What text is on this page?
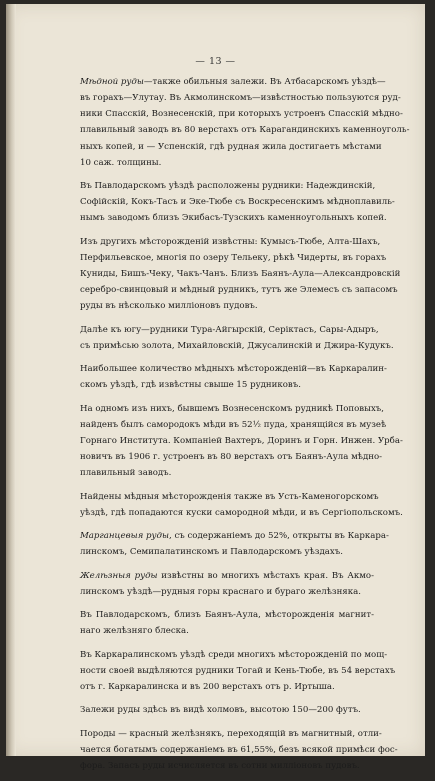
— 13 —

Мѣдной руды—также обильныя залежи. Въ Атбасарскомъ уѣздѣ—
въ горахъ—Улутау. Въ Акмолинскомъ—извѣстностью пользуются руд-
ники Спасскій, Вознесенскій, при которыхъ устроенъ Спасскій мѣдно-
плавильный заводъ въ 80 верстахъ отъ Карагандинскихъ каменноуголь-
ныхъ копей, и — Успенскій, гдѣ рудная жила достигаетъ мѣстами
10 саж. толщины.

Въ Павлодарскомъ уѣздѣ расположены рудники: Надеждинскій,
Софійскій, Кокъ-Тасъ и Экe-Тюбе съ Воскресенскимъ мѣдноплавиль-
нымъ заводомъ близъ Экибасъ-Тузскихъ каменноугольныхъ копей.

Изъ другихъ мѣсторожденій извѣстны: Кумысъ-Тюбе, Алта-Шахъ,
Перфильевское, многія по озеру Тельеку, рѣкѣ Чидерты, въ горахъ
Куниды, Бишъ-Чеку, Чакъ-Чанъ. Близъ Баянъ-Аула—Александровскій
серебро-свинцовый и мѣдный рудникъ, тутъ же Элемесъ съ запасомъ
руды въ нѣсколько милліоновъ пудовъ.

Далѣе къ югу—рудники Тура-Айгырскій, Серiктасъ, Сары-Адыръ,
съ примѣсью золота, Михайловскій, Джусалинскій и Джира-Кудукъ.

Наибольшее количество мѣдныхъ мѣсторожденій—въ Каркаралин-
скомъ уѣздѣ, гдѣ извѣстны свыше 15 рудниковъ.

На одномъ изъ нихъ, бывшемъ Вознесенскомъ рудникѣ Поповыхъ,
найденъ былъ самородокъ мѣди въ 52½ пуда, хранящійся въ музеѣ
Горнаго Института. Компаніей Вахтеръ, Доринъ и Горн. Инжен. Урба-
новичъ въ 1906 г. устроенъ въ 80 верстахъ отъ Баянъ-Аула мѣдно-
плавильный заводъ.

Найдены мѣдныя мѣсторожденія также въ Усть-Каменогорскомъ
уѣздѣ, гдѣ попадаются куски самородной мѣди, и въ Сергіопольскомъ.

Марганцевыя руды, съ содержаніемъ до 52%, открыты въ Каркара-
линскомъ, Семипалатинскомъ и Павлодарскомъ уѣздахъ.

Желѣзныя руды извѣстны во многихъ мѣстахъ края. Въ Акмо-
линскомъ уѣздѣ—рудныя горы краснаго и бураго желѣзняка.

Въ Павлодарскомъ, близъ Баянъ-Аула, мѣсторожденія магнит-
наго желѣзняго блеска.

Въ Каркаралинскомъ уѣздѣ среди многихъ мѣсторожденій по мощ-
ности своей выдѣляются рудники Тогай и Кень-Тюбе, въ 54 верстахъ
отъ г. Каркаралинска и въ 200 верстахъ отъ р. Иртыша.

Залежи руды здѣсь въ видѣ холмовъ, высотою 150—200 футъ.

Породы — красный желѣзнякъ, переходящій въ магнитный, отли-
чается богатымъ содержаніемъ въ 61,55%, безъ всякой примѣси фос-
фора. Запасъ руды исчисляется въ сотни милліоновъ пудовъ.
